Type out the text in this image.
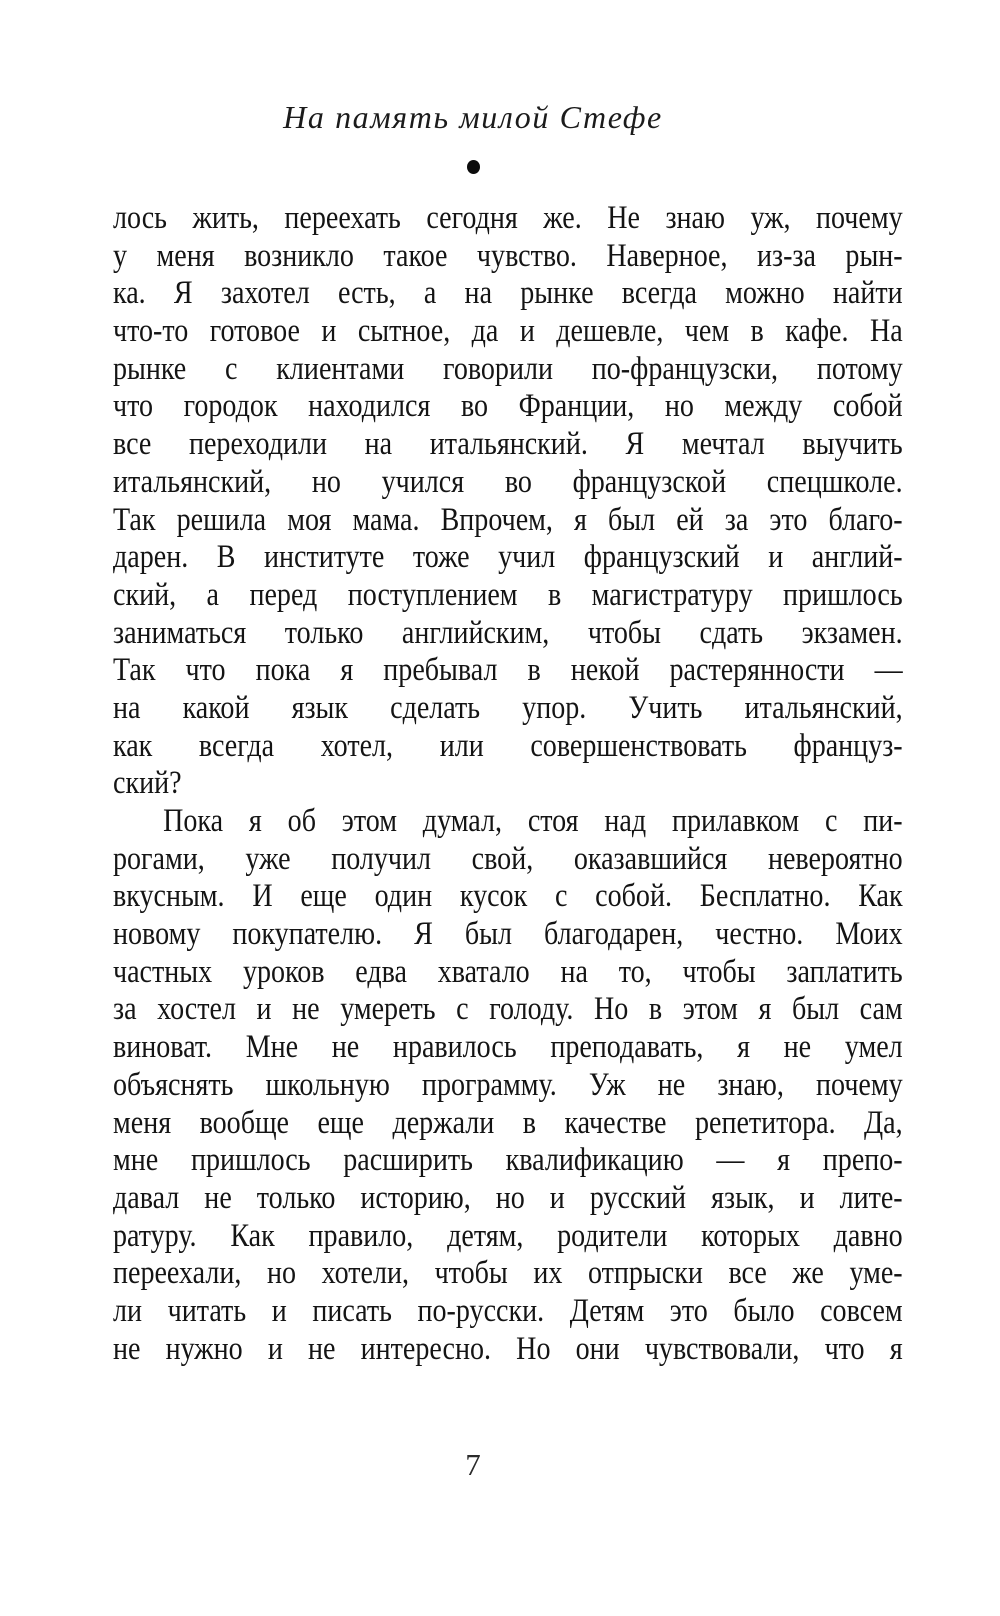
На память милой Стефе
лось жить, переехать сегодня же. Не знаю уж, почему
у меня возникло такое чувство. Наверное, из-за рын-
ка. Я захотел есть, а на рынке всегда можно найти
что-то готовое и сытное, да и дешевле, чем в кафе. На
рынке с клиентами говорили по-французски, потому
что городок находился во Франции, но между собой
все переходили на итальянский. Я мечтал выучить
итальянский, но учился во французской спецшколе.
Так решила моя мама. Впрочем, я был ей за это благо-
дарен. В институте тоже учил французский и англий-
ский, а перед поступлением в магистратуру пришлось
заниматься только английским, чтобы сдать экзамен.
Так что пока я пребывал в некой растерянности —
на какой язык сделать упор. Учить итальянский,
как всегда хотел, или совершенствовать француз-
ский?
Пока я об этом думал, стоя над прилавком с пи-
рогами, уже получил свой, оказавшийся невероятно
вкусным. И еще один кусок с собой. Бесплатно. Как
новому покупателю. Я был благодарен, честно. Моих
частных уроков едва хватало на то, чтобы заплатить
за хостел и не умереть с голоду. Но в этом я был сам
виноват. Мне не нравилось преподавать, я не умел
объяснять школьную программу. Уж не знаю, почему
меня вообще еще держали в качестве репетитора. Да,
мне пришлось расширить квалификацию — я препо-
давал не только историю, но и русский язык, и лите-
ратуру. Как правило, детям, родители которых давно
переехали, но хотели, чтобы их отпрыски все же уме-
ли читать и писать по-русски. Детям это было совсем
не нужно и не интересно. Но они чувствовали, что я
7
